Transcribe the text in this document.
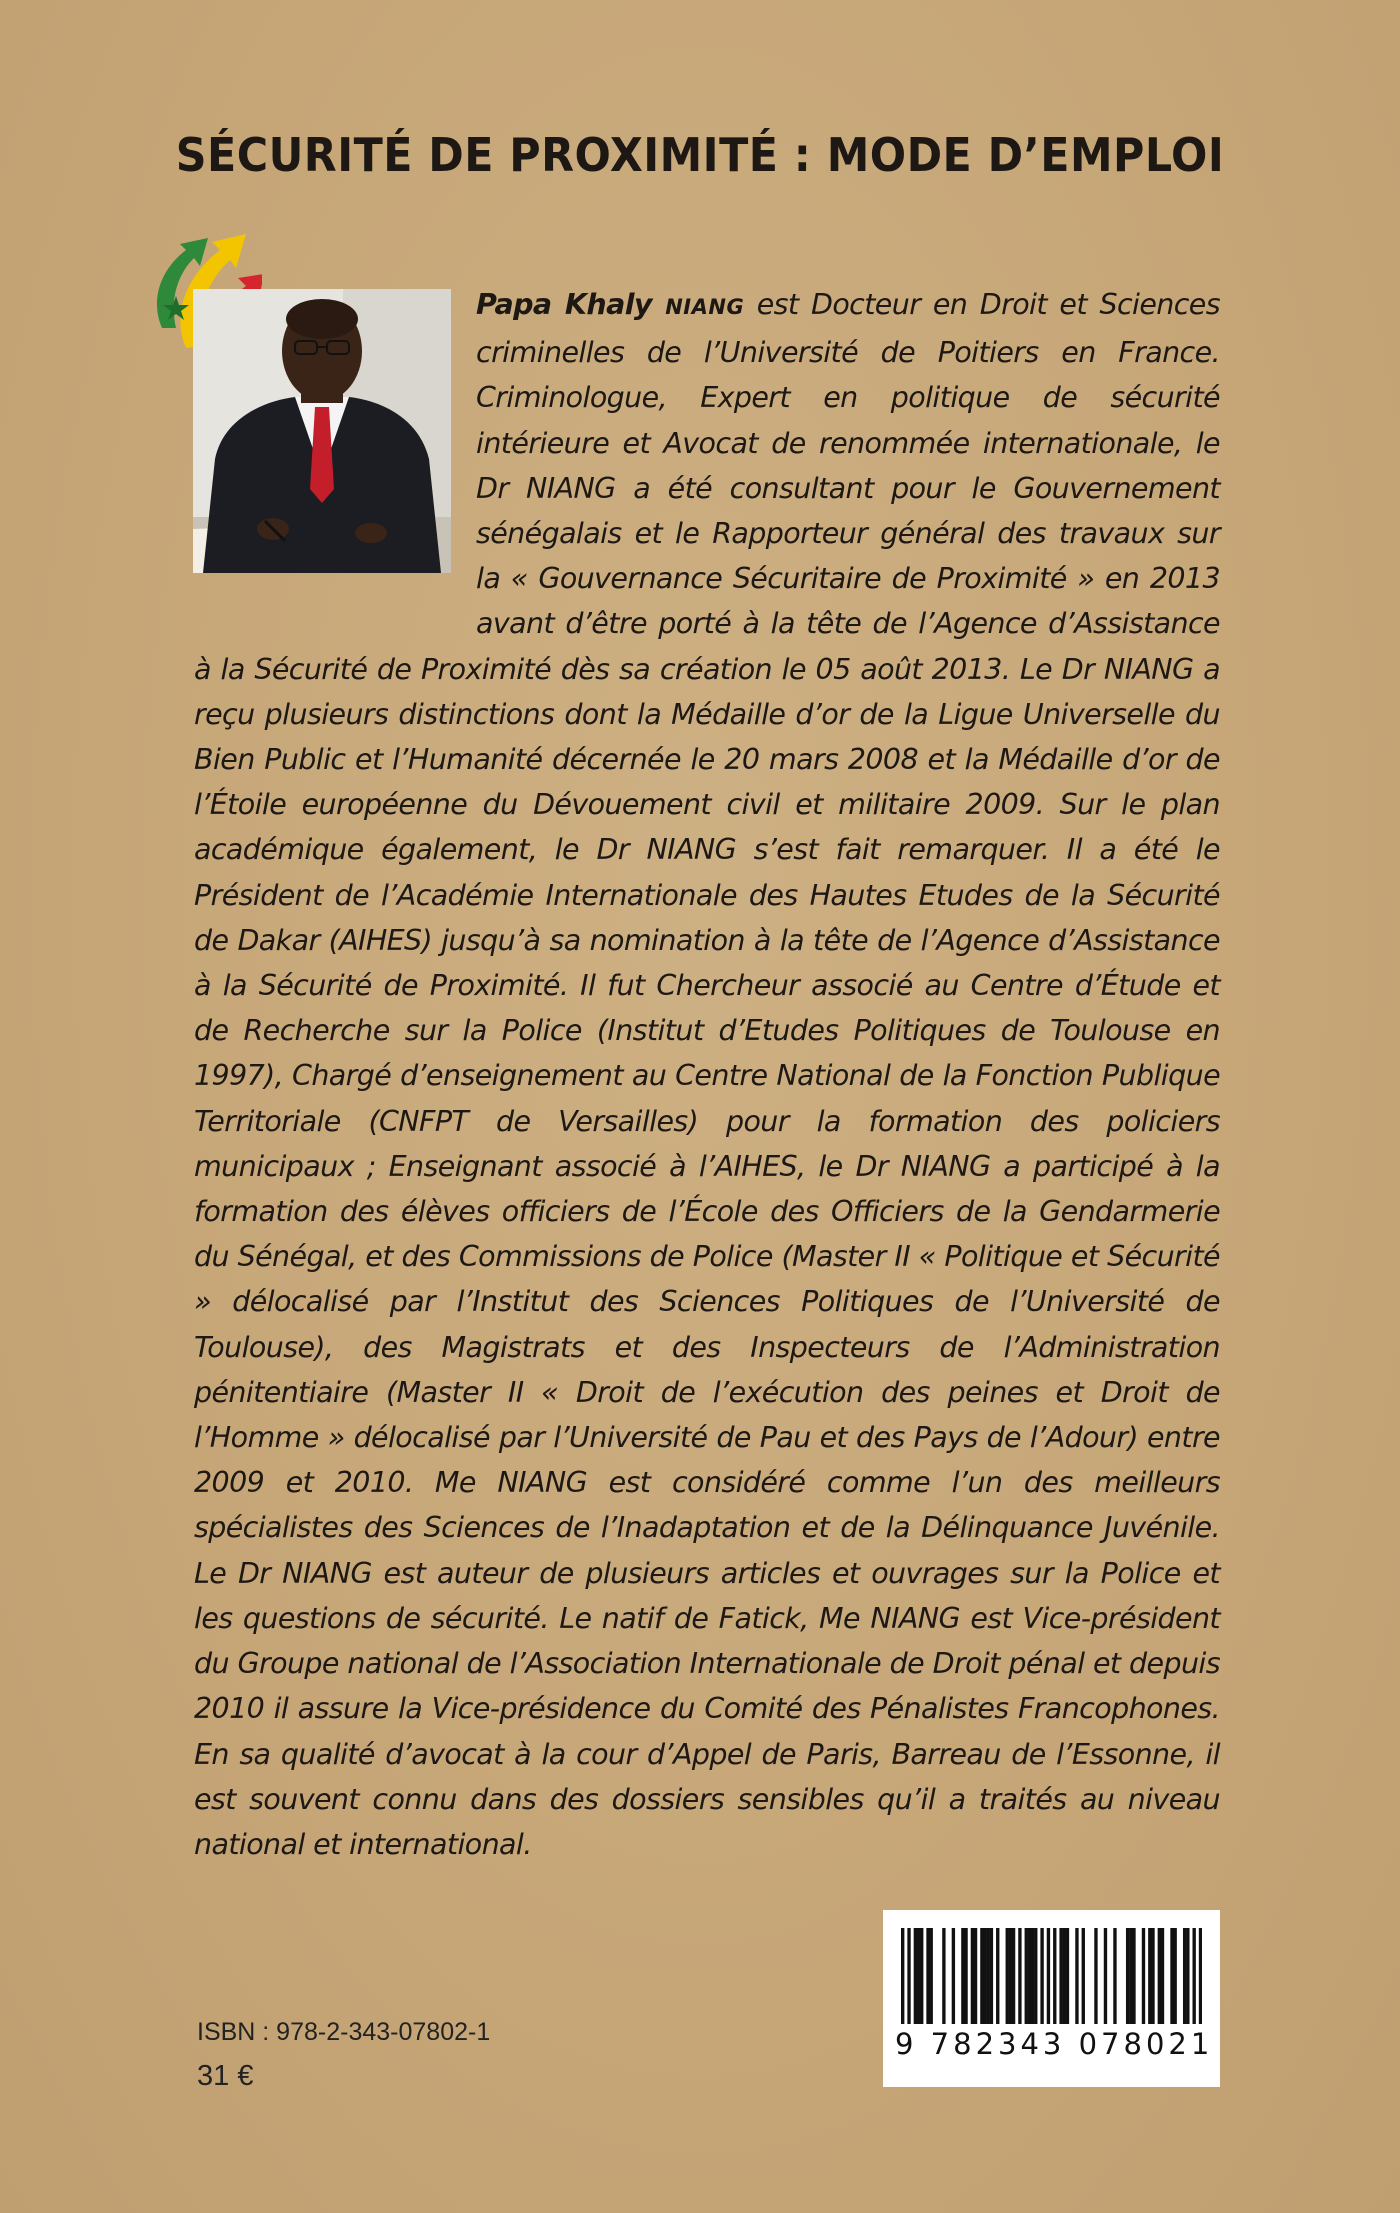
SÉCURITÉ DE PROXIMITÉ : MODE D’EMPLOI

Papa Khaly NIANG est Docteur en Droit et Sciences criminelles de l’Université de Poitiers en France. Criminologue, Expert en politique de sécurité intérieure et Avocat de renommée internationale, le Dr NIANG a été consultant pour le Gouvernement sénégalais et le Rapporteur général des travaux sur la « Gouvernance Sécuritaire de Proximité » en 2013 avant d’être porté à la tête de l’Agence d’Assistance à la Sécurité de Proximité dès sa création le 05 août 2013. Le Dr NIANG a reçu plusieurs distinctions dont la Médaille d’or de la Ligue Universelle du Bien Public et l’Humanité décernée le 20 mars 2008 et la Médaille d’or de l’Étoile européenne du Dévouement civil et militaire 2009. Sur le plan académique également, le Dr NIANG s’est fait remarquer. Il a été le Président de l’Académie Internationale des Hautes Etudes de la Sécurité de Dakar (AIHES) jusqu’à sa nomination à la tête de l’Agence d’Assistance à la Sécurité de Proximité. Il fut Chercheur associé au Centre d’Étude et de Recherche sur la Police (Institut d’Etudes Politiques de Toulouse en 1997), Chargé d’enseignement au Centre National de la Fonction Publique Territoriale (CNFPT de Versailles) pour la formation des policiers municipaux ; Enseignant associé à l’AIHES, le Dr NIANG a participé à la formation des élèves officiers de l’École des Officiers de la Gendarmerie du Sénégal, et des Commissions de Police (Master II « Politique et Sécurité » délocalisé par l’Institut des Sciences Politiques de l’Université de Toulouse), des Magistrats et des Inspecteurs de l’Administration pénitentiaire (Master II « Droit de l’exécution des peines et Droit de l’Homme » délocalisé par l’Université de Pau et des Pays de l’Adour) entre 2009 et 2010. Me NIANG est considéré comme l’un des meilleurs spécialistes des Sciences de l’Inadaptation et de la Délinquance Juvénile. Le Dr NIANG est auteur de plusieurs articles et ouvrages sur la Police et les questions de sécurité. Le natif de Fatick, Me NIANG est Vice-président du Groupe national de l’Association Internationale de Droit pénal et depuis 2010 il assure la Vice-présidence du Comité des Pénalistes Francophones. En sa qualité d’avocat à la cour d’Appel de Paris, Barreau de l’Essonne, il est souvent connu dans des dossiers sensibles qu’il a traités au niveau national et international.

9 782343 078021
ISBN : 978-2-343-07802-1
31 €
